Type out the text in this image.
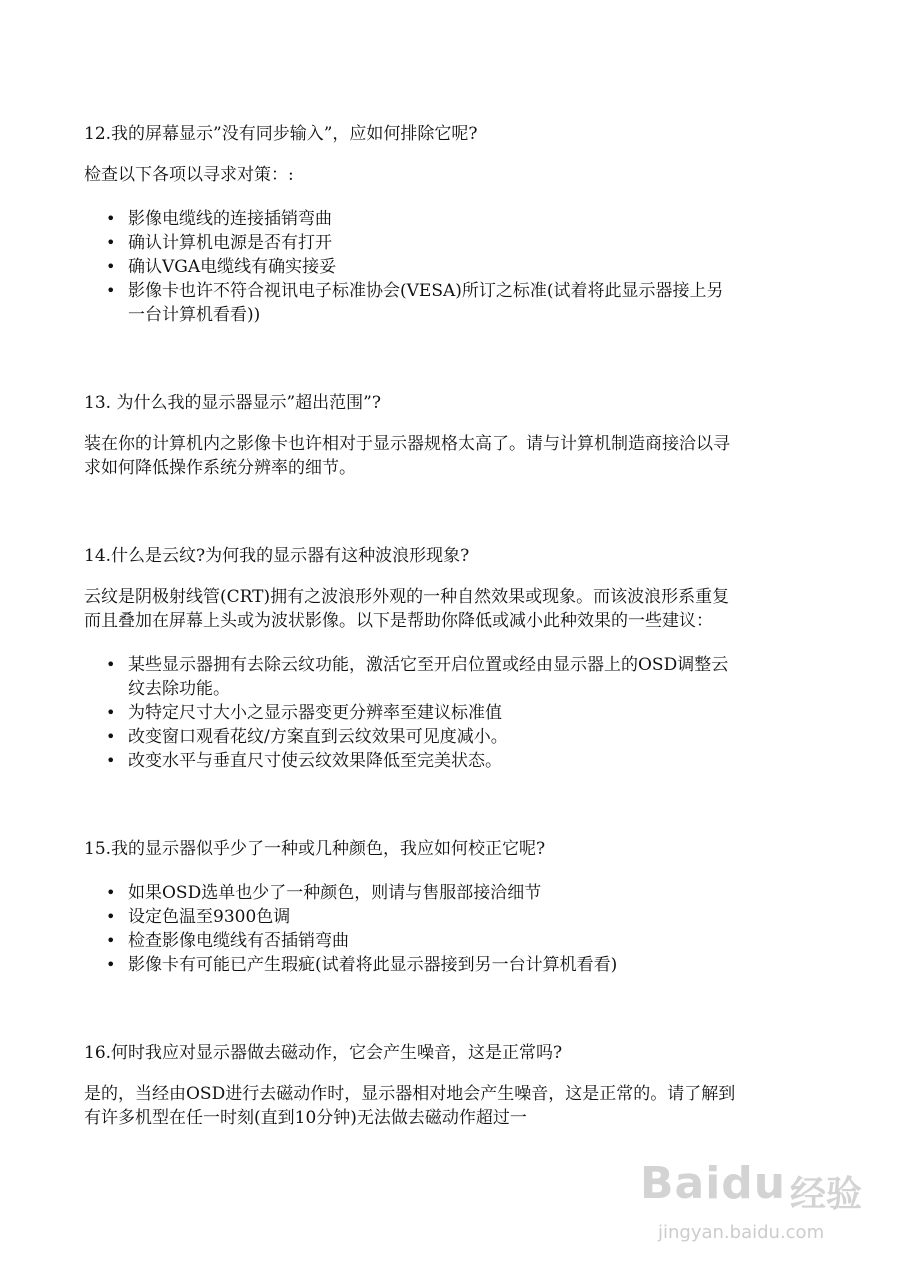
12.我的屏幕显示”没有同步输入”，应如何排除它呢?

检查以下各项以寻求对策：:

• 影像电缆线的连接插销弯曲
• 确认计算机电源是否有打开
• 确认VGA电缆线有确实接妥
• 影像卡也许不符合视讯电子标准协会(VESA)所订之标准(试着将此显示器接上另一台计算机看看))
13. 为什么我的显示器显示”超出范围”?

装在你的计算机内之影像卡也许相对于显示器规格太高了。请与计算机制造商接洽以寻求如何降低操作系统分辨率的细节。

14.什么是云纹?为何我的显示器有这种波浪形现象?

云纹是阴极射线管(CRT)拥有之波浪形外观的一种自然效果或现象。而该波浪形系重复而且叠加在屏幕上头或为波状影像。以下是帮助你降低或减小此种效果的一些建议：

• 某些显示器拥有去除云纹功能，激活它至开启位置或经由显示器上的OSD调整云纹去除功能。
• 为特定尺寸大小之显示器变更分辨率至建议标准值
• 改变窗口观看花纹/方案直到云纹效果可见度减小。
• 改变水平与垂直尺寸使云纹效果降低至完美状态。
15.我的显示器似乎少了一种或几种颜色，我应如何校正它呢?
• 如果OSD选单也少了一种颜色，则请与售服部接洽细节
• 设定色温至9300色调
• 检查影像电缆线有否插销弯曲
• 影像卡有可能已产生瑕疵(试着将此显示器接到另一台计算机看看)
16.何时我应对显示器做去磁动作，它会产生噪音，这是正常吗?

是的，当经由OSD进行去磁动作时，显示器相对地会产生噪音，这是正常的。请了解到有许多机型在任一时刻(直到10分钟)无法做去磁动作超过一

Baidu 经验
jingyan.baidu.com
